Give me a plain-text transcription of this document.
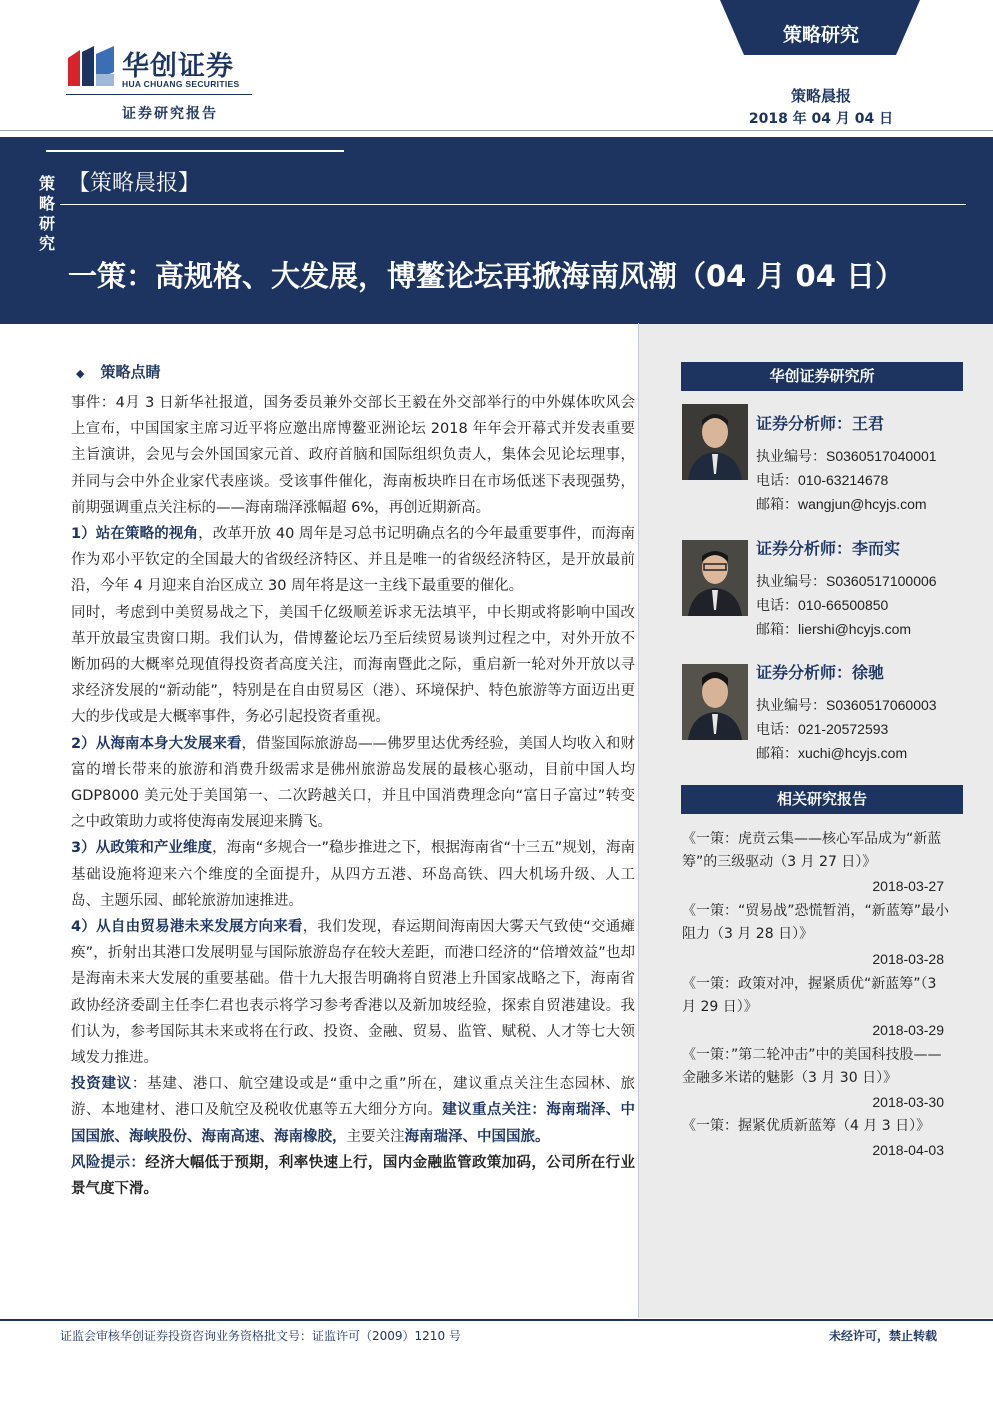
华创证券
HUA CHUANG SECURITIES
证券研究报告
策略研究
策略晨报
2018 年 04 月 04 日
策略研究
【策略晨报】
一策：高规格、大发展，博鳌论坛再掀海南风潮（04 月 04 日）
◆ 策略点睛

事件：4月 3 日新华社报道，国务委员兼外交部长王毅在外交部举行的中外媒体吹风会上宣布，中国国家主席习近平将应邀出席博鳌亚洲论坛 2018 年年会开幕式并发表重要主旨演讲，会见与会外国国家元首、政府首脑和国际组织负责人，集体会见论坛理事，并同与会中外企业家代表座谈。受该事件催化，海南板块昨日在市场低迷下表现强势，前期强调重点关注标的——海南瑞泽涨幅超 6%，再创近期新高。

1）站在策略的视角，改革开放 40 周年是习总书记明确点名的今年最重要事件，而海南作为邓小平钦定的全国最大的省级经济特区、并且是唯一的省级经济特区，是开放最前沿，今年 4 月迎来自治区成立 30 周年将是这一主线下最重要的催化。

同时，考虑到中美贸易战之下，美国千亿级顺差诉求无法填平，中长期或将影响中国改革开放最宝贵窗口期。我们认为，借博鳌论坛乃至后续贸易谈判过程之中，对外开放不断加码的大概率兑现值得投资者高度关注，而海南暨此之际，重启新一轮对外开放以寻求经济发展的“新动能”，特别是在自由贸易区（港）、环境保护、特色旅游等方面迈出更大的步伐或是大概率事件，务必引起投资者重视。

2）从海南本身大发展来看，借鉴国际旅游岛——佛罗里达优秀经验，美国人均收入和财富的增长带来的旅游和消费升级需求是佛州旅游岛发展的最核心驱动，目前中国人均 GDP8000 美元处于美国第一、二次跨越关口，并且中国消费理念向“富日子富过”转变之中政策助力或将使海南发展迎来腾飞。

3）从政策和产业维度，海南“多规合一”稳步推进之下，根据海南省“十三五”规划，海南基础设施将迎来六个维度的全面提升，从四方五港、环岛高铁、四大机场升级、人工岛、主题乐园、邮轮旅游加速推进。

4）从自由贸易港未来发展方向来看，我们发现，春运期间海南因大雾天气致使“交通瘫痪”，折射出其港口发展明显与国际旅游岛存在较大差距，而港口经济的“倍增效益”也却是海南未来大发展的重要基础。借十九大报告明确将自贸港上升国家战略之下，海南省政协经济委副主任李仁君也表示将学习参考香港以及新加坡经验，探索自贸港建设。我们认为，参考国际其未来或将在行政、投资、金融、贸易、监管、赋税、人才等七大领域发力推进。

投资建议：基建、港口、航空建设或是“重中之重”所在，建议重点关注生态园林、旅游、本地建材、港口及航空及税收优惠等五大细分方向。建议重点关注：海南瑞泽、中国国旅、海峡股份、海南高速、海南橡胶，主要关注海南瑞泽、中国国旅。

风险提示：经济大幅低于预期，利率快速上行，国内金融监管政策加码，公司所在行业景气度下滑。

华创证券研究所
证券分析师：王君
执业编号：S0360517040001
电话：010-63214678
邮箱：wangjun@hcyjs.com
证券分析师：李而实
执业编号：S0360517100006
电话：010-66500850
邮箱：liershi@hcyjs.com
证券分析师：徐驰
执业编号：S0360517060003
电话：021-20572593
邮箱：xuchi@hcyjs.com
相关研究报告
《一策：虎贲云集——核心军品成为“新蓝筹”的三级驱动（3 月 27 日）》
2018-03-27
《一策：“贸易战”恐慌暂消，“新蓝筹”最小阻力（3 月 28 日）》
2018-03-28
《一策：政策对冲，握紧质优“新蓝筹”（3 月 29 日）》
2018-03-29
《一策：”第二轮冲击”中的美国科技股——金融多米诺的魅影（3 月 30 日）》
2018-03-30
《一策：握紧优质新蓝筹（4 月 3 日）》
2018-04-03
证监会审核华创证券投资咨询业务资格批文号：证监许可（2009）1210 号	未经许可，禁止转载
